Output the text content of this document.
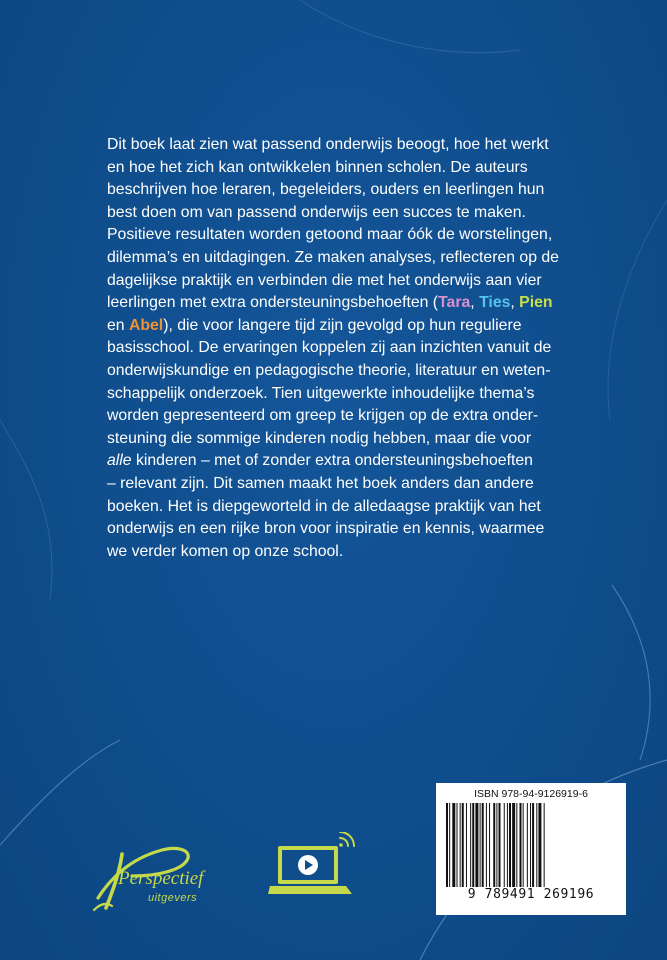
Dit boek laat zien wat passend onderwijs beoogt, hoe het werkt
en hoe het zich kan ontwikkelen binnen scholen. De auteurs
beschrijven hoe leraren, begeleiders, ouders en leerlingen hun
best doen om van passend onderwijs een succes te maken.
Positieve resultaten worden getoond maar óók de worstelingen,
dilemma’s en uitdagingen. Ze maken analyses, reflecteren op de
dagelijkse praktijk en verbinden die met het onderwijs aan vier
leerlingen met extra ondersteuningsbehoeften (Tara, Ties, Pien
en Abel), die voor langere tijd zijn gevolgd op hun reguliere
basisschool. De ervaringen koppelen zij aan inzichten vanuit de
onderwijskundige en pedagogische theorie, literatuur en weten-
schappelijk onderzoek. Tien uitgewerkte inhoudelijke thema’s
worden gepresenteerd om greep te krijgen op de extra onder-
steuning die sommige kinderen nodig hebben, maar die voor
alle kinderen – met of zonder extra ondersteuningsbehoeften
– relevant zijn. Dit samen maakt het boek anders dan andere
boeken. Het is diepgeworteld in de alledaagse praktijk van het
onderwijs en een rijke bron voor inspiratie en kennis, waarmee
we verder komen op onze school.
Perspectief
uitgevers
ISBN 978-94-9126919-6
9 789491 269196
